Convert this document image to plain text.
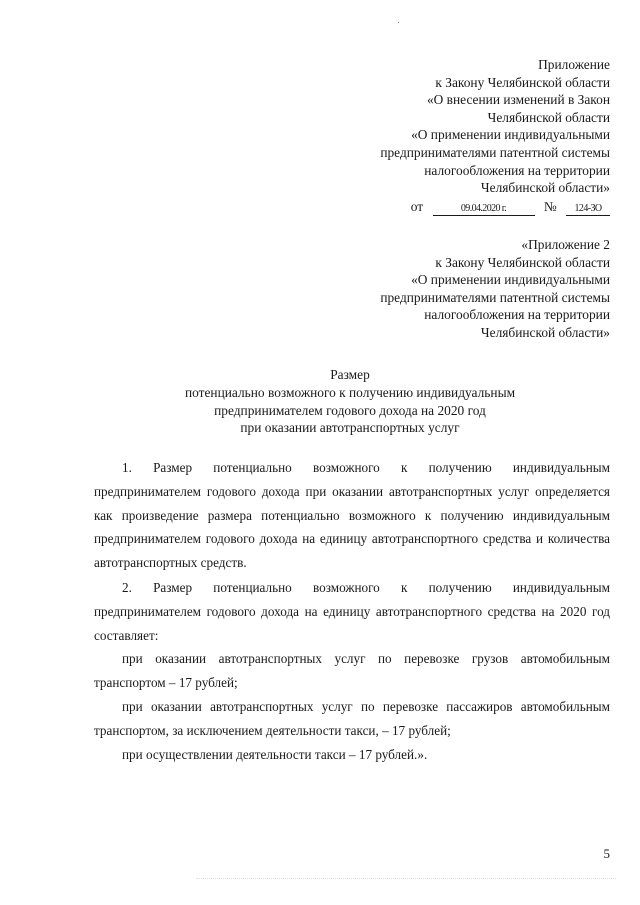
Приложение
к Закону Челябинской области
«О внесении изменений в Закон
Челябинской области
«О применении индивидуальными
предпринимателями патентной системы
налогообложения на территории
Челябинской области»
от	09.04.2020 г.	№ 124-ЗО
«Приложение 2
к Закону Челябинской области
«О применении индивидуальными
предпринимателями патентной системы
налогообложения на территории
Челябинской области»
Размер
потенциально возможного к получению индивидуальным
предпринимателем годового дохода на 2020 год
при оказании автотранспортных услуг

1. Размер потенциально возможного к получению индивидуальным предпринимателем годового дохода при оказании автотранспортных услуг определяется как произведение размера потенциально возможного к получению индивидуальным предпринимателем годового дохода на единицу автотранспортного средства и количества автотранспортных средств.

2. Размер потенциально возможного к получению индивидуальным предпринимателем годового дохода на единицу автотранспортного средства на 2020 год составляет:

при оказании автотранспортных услуг по перевозке грузов автомобильным транспортом – 17 рублей;

при оказании автотранспортных услуг по перевозке пассажиров автомобильным транспортом, за исключением деятельности такси, – 17 рублей;

при осуществлении деятельности такси – 17 рублей.».

5
